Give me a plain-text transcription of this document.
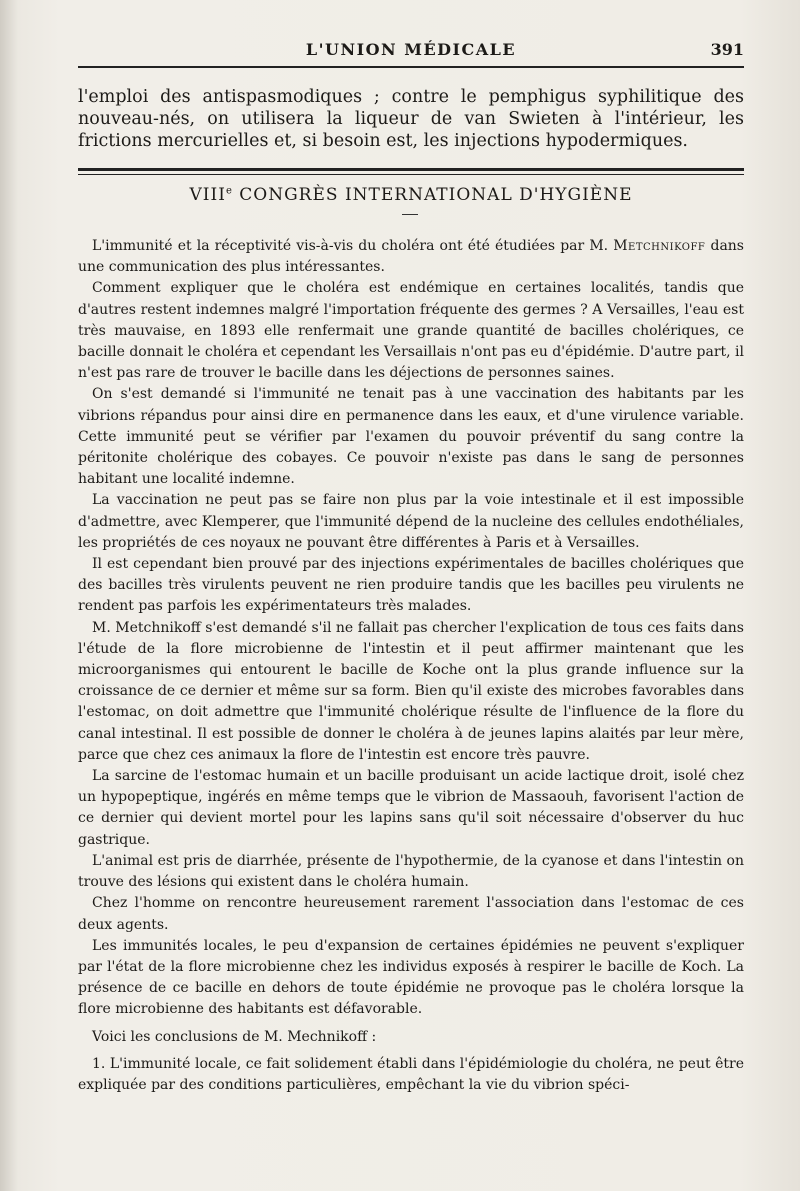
L'UNION MÉDICALE	391
l'emploi des antispasmodiques ; contre le pemphigus syphilitique des nouveau-nés, on utilisera la liqueur de van Swieten à l'intérieur, les frictions mercurielles et, si besoin est, les injections hypodermiques.
VIIIe CONGRÈS INTERNATIONAL D'HYGIÈNE

L'immunité et la réceptivité vis-à-vis du choléra ont été étudiées par M. Metchnikoff dans une communication des plus intéressantes.

Comment expliquer que le choléra est endémique en certaines localités, tandis que d'autres restent indemnes malgré l'importation fréquente des germes ? A Versailles, l'eau est très mauvaise, en 1893 elle renfermait une grande quantité de bacilles cholériques, ce bacille donnait le choléra et cependant les Versaillais n'ont pas eu d'épidémie. D'autre part, il n'est pas rare de trouver le bacille dans les déjections de personnes saines.

On s'est demandé si l'immunité ne tenait pas à une vaccination des habitants par les vibrions répandus pour ainsi dire en permanence dans les eaux, et d'une virulence variable. Cette immunité peut se vérifier par l'examen du pouvoir préventif du sang contre la péritonite cholérique des cobayes. Ce pouvoir n'existe pas dans le sang de personnes habitant une localité indemne.

La vaccination ne peut pas se faire non plus par la voie intestinale et il est impossible d'admettre, avec Klemperer, que l'immunité dépend de la nucleine des cellules endothéliales, les propriétés de ces noyaux ne pouvant être différentes à Paris et à Versailles.

Il est cependant bien prouvé par des injections expérimentales de bacilles cholériques que des bacilles très virulents peuvent ne rien produire tandis que les bacilles peu virulents ne rendent pas parfois les expérimentateurs très malades.

M. Metchnikoff s'est demandé s'il ne fallait pas chercher l'explication de tous ces faits dans l'étude de la flore microbienne de l'intestin et il peut affirmer maintenant que les microorganismes qui entourent le bacille de Koche ont la plus grande influence sur la croissance de ce dernier et même sur sa form. Bien qu'il existe des microbes favorables dans l'estomac, on doit admettre que l'immunité cholérique résulte de l'influence de la flore du canal intestinal. Il est possible de donner le choléra à de jeunes lapins alaités par leur mère, parce que chez ces animaux la flore de l'intestin est encore très pauvre.

La sarcine de l'estomac humain et un bacille produisant un acide lactique droit, isolé chez un hypopeptique, ingérés en même temps que le vibrion de Massaouh, favorisent l'action de ce dernier qui devient mortel pour les lapins sans qu'il soit nécessaire d'observer du huc gastrique.

L'animal est pris de diarrhée, présente de l'hypothermie, de la cyanose et dans l'intestin on trouve des lésions qui existent dans le choléra humain.

Chez l'homme on rencontre heureusement rarement l'association dans l'estomac de ces deux agents.

Les immunités locales, le peu d'expansion de certaines épidémies ne peuvent s'expliquer par l'état de la flore microbienne chez les individus exposés à respirer le bacille de Koch. La présence de ce bacille en dehors de toute épidémie ne provoque pas le choléra lorsque la flore microbienne des habitants est défavorable.

Voici les conclusions de M. Mechnikoff :

1. L'immunité locale, ce fait solidement établi dans l'épidémiologie du choléra, ne peut être expliquée par des conditions particulières, empêchant la vie du vibrion spéci-
